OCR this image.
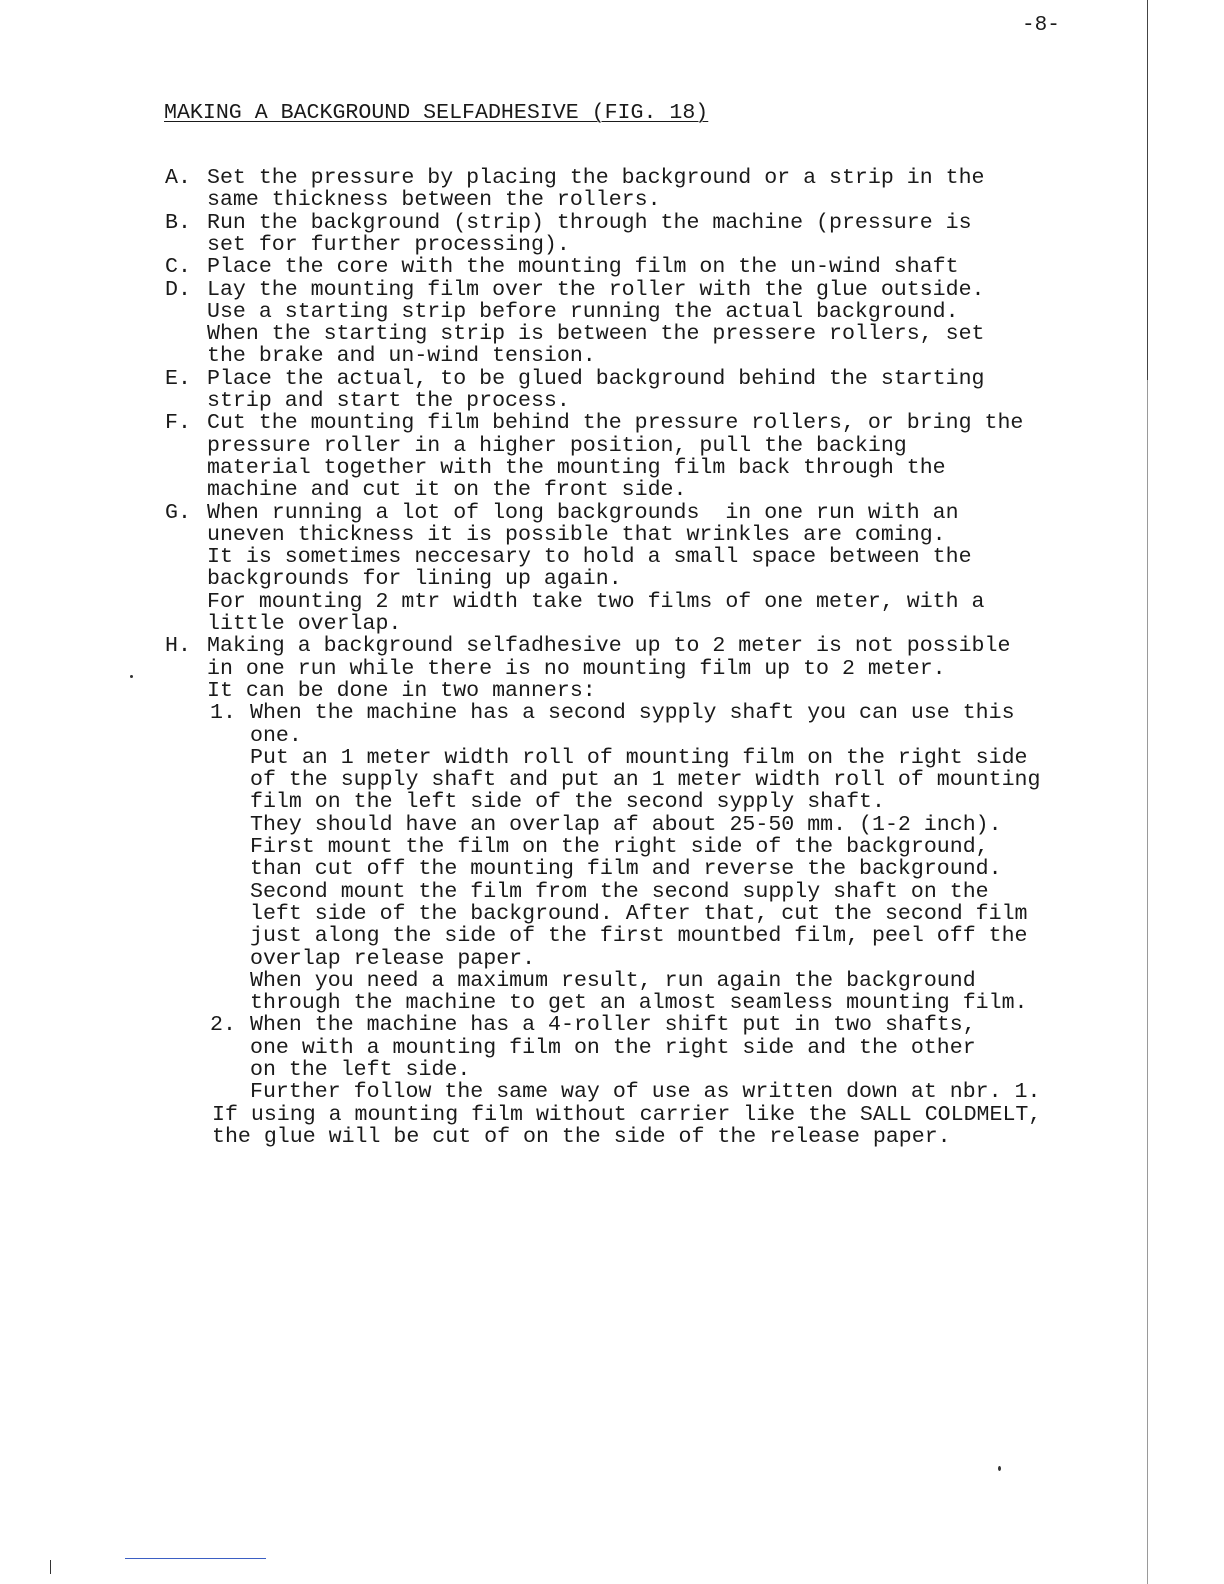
-8-
MAKING A BACKGROUND SELFADHESIVE (FIG. 18)
A. Set the pressure by placing the background or a strip in the
same thickness between the rollers.
B. Run the background (strip) through the machine (pressure is
set for further processing).
C. Place the core with the mounting film on the un-wind shaft
D. Lay the mounting film over the roller with the glue outside.
Use a starting strip before running the actual background.
When the starting strip is between the pressere rollers, set
the brake and un-wind tension.
E. Place the actual, to be glued background behind the starting
strip and start the process.
F. Cut the mounting film behind the pressure rollers, or bring the
pressure roller in a higher position, pull the backing
material together with the mounting film back through the
machine and cut it on the front side.
G. When running a lot of long backgrounds  in one run with an
uneven thickness it is possible that wrinkles are coming.
It is sometimes neccesary to hold a small space between the
backgrounds for lining up again.
For mounting 2 mtr width take two films of one meter, with a
little overlap.
H. Making a background selfadhesive up to 2 meter is not possible
in one run while there is no mounting film up to 2 meter.
It can be done in two manners:
1. When the machine has a second sypply shaft you can use this
one.
Put an 1 meter width roll of mounting film on the right side
of the supply shaft and put an 1 meter width roll of mounting
film on the left side of the second sypply shaft.
They should have an overlap af about 25-50 mm. (1-2 inch).
First mount the film on the right side of the background,
than cut off the mounting film and reverse the background.
Second mount the film from the second supply shaft on the
left side of the background. After that, cut the second film
just along the side of the first mountbed film, peel off the
overlap release paper.
When you need a maximum result, run again the background
through the machine to get an almost seamless mounting film.
2. When the machine has a 4-roller shift put in two shafts,
one with a mounting film on the right side and the other
on the left side.
Further follow the same way of use as written down at nbr. 1.
If using a mounting film without carrier like the SALL COLDMELT,
the glue will be cut of on the side of the release paper.
